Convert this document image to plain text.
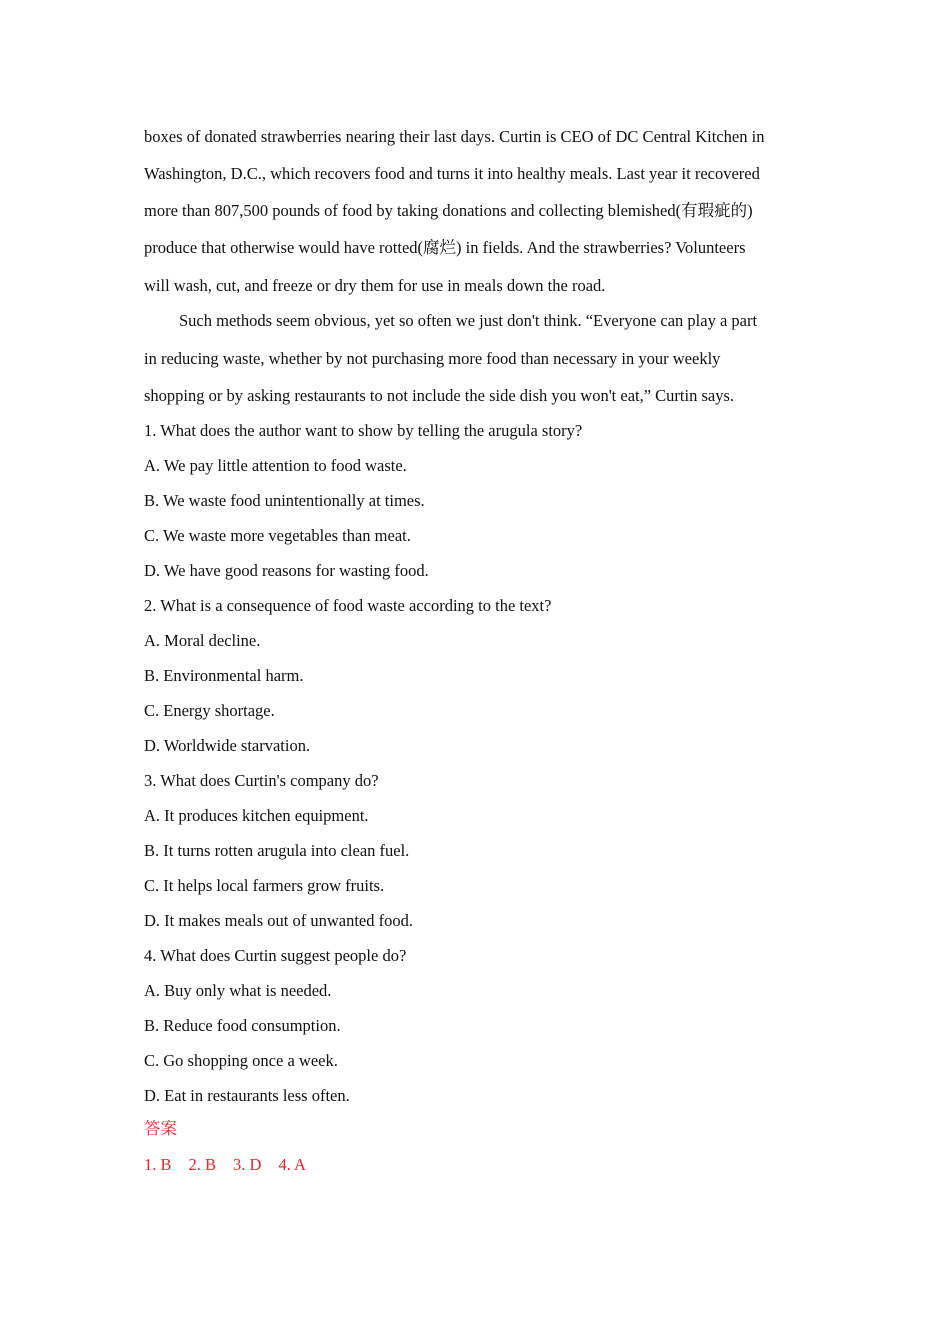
boxes of donated strawberries nearing their last days. Curtin is CEO of DC Central Kitchen in
Washington, D.C., which recovers food and turns it into healthy meals. Last year it recovered
more than 807,500 pounds of food by taking donations and collecting blemished(有瑕疵的)
produce that otherwise would have rotted(腐烂) in fields. And the strawberries? Volunteers
will wash, cut, and freeze or dry them for use in meals down the road.
Such methods seem obvious, yet so often we just don't think. “Everyone can play a part
in reducing waste, whether by not purchasing more food than necessary in your weekly
shopping or by asking restaurants to not include the side dish you won't eat,” Curtin says.
1. What does the author want to show by telling the arugula story?
A. We pay little attention to food waste.
B. We waste food unintentionally at times.
C. We waste more vegetables than meat.
D. We have good reasons for wasting food.
2. What is a consequence of food waste according to the text?
A. Moral decline.
B. Environmental harm.
C. Energy shortage.
D. Worldwide starvation.
3. What does Curtin's company do?
A. It produces kitchen equipment.
B. It turns rotten arugula into clean fuel.
C. It helps local farmers grow fruits.
D. It makes meals out of unwanted food.
4. What does Curtin suggest people do?
A. Buy only what is needed.
B. Reduce food consumption.
C. Go shopping once a week.
D. Eat in restaurants less often.
答案
1. B 2. B 3. D 4. A
